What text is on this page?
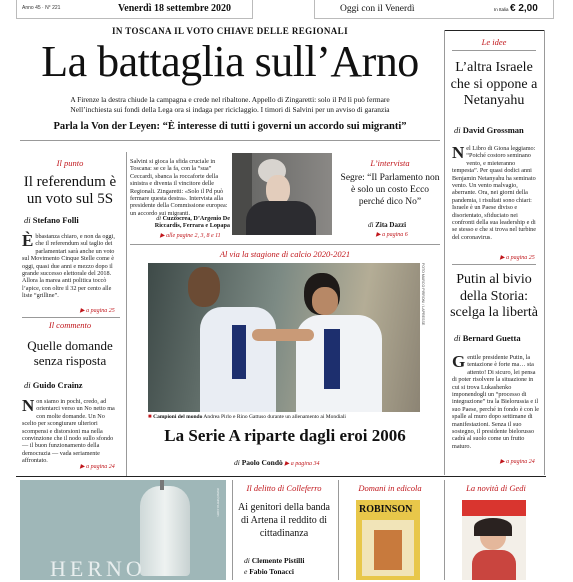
Anno 45 · N° 221	Venerdì 18 settembre 2020	Oggi con il Venerdì	In Italia € 2,00
IN TOSCANA IL VOTO CHIAVE DELLE REGIONALI
La battaglia sull’Arno
A Firenze la destra chiude la campagna e crede nel ribaltone. Appello di Zingaretti: solo il Pd lì può fermare
Nell’inchiesta sui fondi della Lega ora si indaga per riciclaggio. I timori di Salvini per un avviso di garanzia
Parla la Von der Leyen: “È interesse di tutti i governi un accordo sui migranti”
Il punto
Il referendum è un voto sul 5S
di Stefano Folli
Èbbastanza chiaro, e non da oggi, che il referendum sul taglio dei parlamentari sarà anche un voto sul Movimento Cinque Stelle come è oggi, quasi due anni e mezzo dopo il grande successo elettorale del 2018. Allora la marea anti politica toccò l’apice, con oltre il 32 per cento alle liste “grilline”.
▶ a pagina 25
Il commento
Quelle domande senza risposta
di Guido Crainz
Non siamo in pochi, credo, ad orientarci verso un No netto ma con molte domande. Un No scelto per scongiurare ulteriori scompensi e distorsioni ma nella convinzione che il nodo sullo sfondo — il buon funzionamento della democrazia — vada seriamente affrontato.
▶ a pagina 24
Salvini si gioca la sfida cruciale in Toscana: se ce la fa, con la “sua” Ceccardi, sbanca la roccaforte della sinistra e diventa il vincitore delle Regionali. Zingaretti: «Solo il Pd può fermare questa destra». Intervista alla presidente della Commissione europea: un accordo sui migranti.
di Cuzzocrea, D’Argenio De Riccardis, Ferrara e Lopapa
▶ alle pagine 2, 3, 8 e 11
L’intervista
Segre: “Il Parlamento non è solo un costo Ecco perché dico No”
di Zita Dazzi
▶ a pagina 6
Al via la stagione di calcio 2020-2021
FOTO MARCO PIRRONI / LAPRESSE
■ Campioni del mondo Andrea Pirlo e Rino Gattuso durante un allenamento ai Mondiali
La Serie A riparte dagli eroi 2006
di Paolo Condò ▶ a pagina 34
Le idee
L’altra Israele che si oppone a Netanyahu
di David Grossman
Nel Libro di Giona leggiamo: “Poiché costoro seminano vento, e mieteranno tempesta”. Per quasi dodici anni Benjamin Netanyahu ha seminato vento. Un vento malvagio, aberrante. Ora, nei giorni della pandemia, i risultati sono chiari: Israele è un Paese diviso e disorientato, sfiduciato nei confronti della sua leadership e di se stesso e che si trova nel turbine del coronavirus.
▶ a pagina 25
Putin al bivio della Storia: scelga la libertà
di Bernard Guetta
Gentile presidente Putin, la tentazione è forte ma… sta attento! Di sicuro, lei pensa di poter risolvere la situazione in cui si trova Lukashenko imponendogli un “processo di integrazione” tra la Bielorussia e il suo Paese, perché in fondo è con le spalle al muro dopo settimane di manifestazioni. Senza il suo sostegno, il presidente bielorusso cadrà al suolo come un frutto maturo.
▶ a pagina 24
HERNO
www.herno.com	Il delitto di Colleferro
Ai genitori della banda di Artena il reddito di cittadinanza
di Clemente Pistilli
e Fabio Tonacci
Domani in edicola
ROBINSON
La novità di Gedi
